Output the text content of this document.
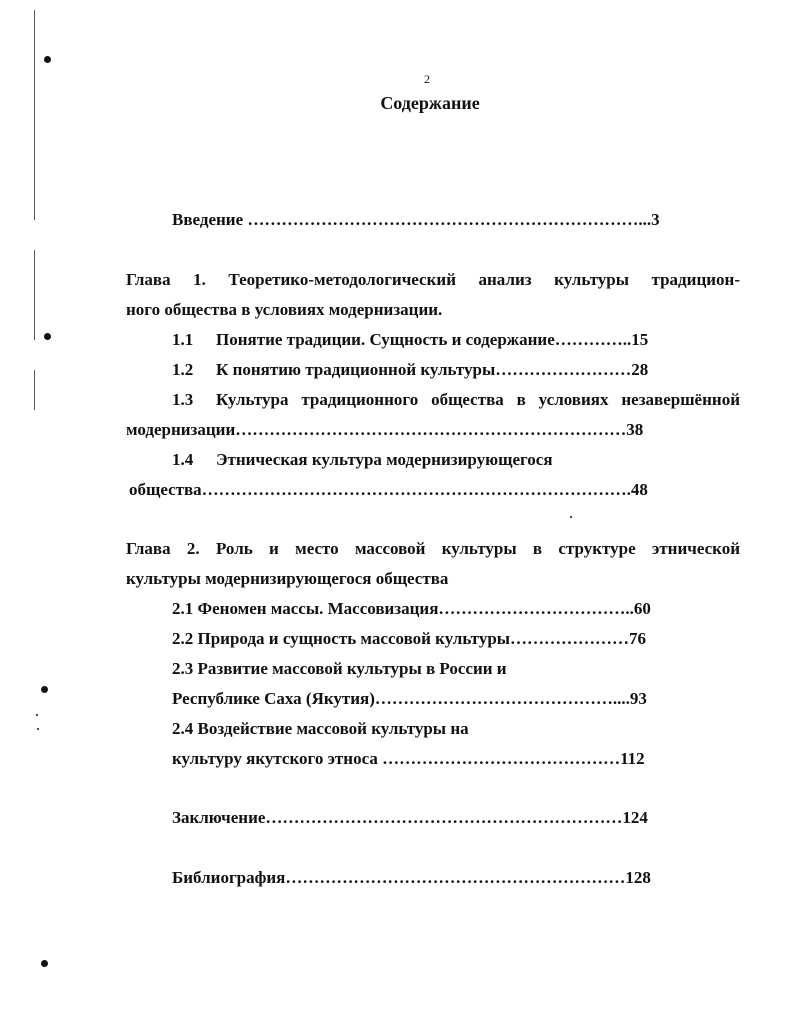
2
Содержание
Введение ……………………………………………………………...3
Глава 1. Теоретико-методологический анализ культуры традицион-
ного общества в условиях модернизации.
1.1 Понятие традиции. Сущность и содержание…………..15
1.2 К понятию традиционной культуры……………………28
1.3 Культура традиционного общества в условиях незавершённой
модернизации……………………………………………………………38
1.4 Этническая культура модернизирующегося
общества………………………………………………………………….48
Глава 2. Роль и место массовой культуры в структуре этнической
культуры модернизирующегося общества
2.1 Феномен массы. Массовизация……………………………..60
2.2 Природа и сущность массовой культуры…………………76
2.3 Развитие массовой культуры в России и
Республике Саха (Якутия)……………………………………....93
2.4 Воздействие массовой культуры на
культуру якутского этноса ……………………………………112
Заключение………………………………………………………124
Библиография……………………………………………………128
